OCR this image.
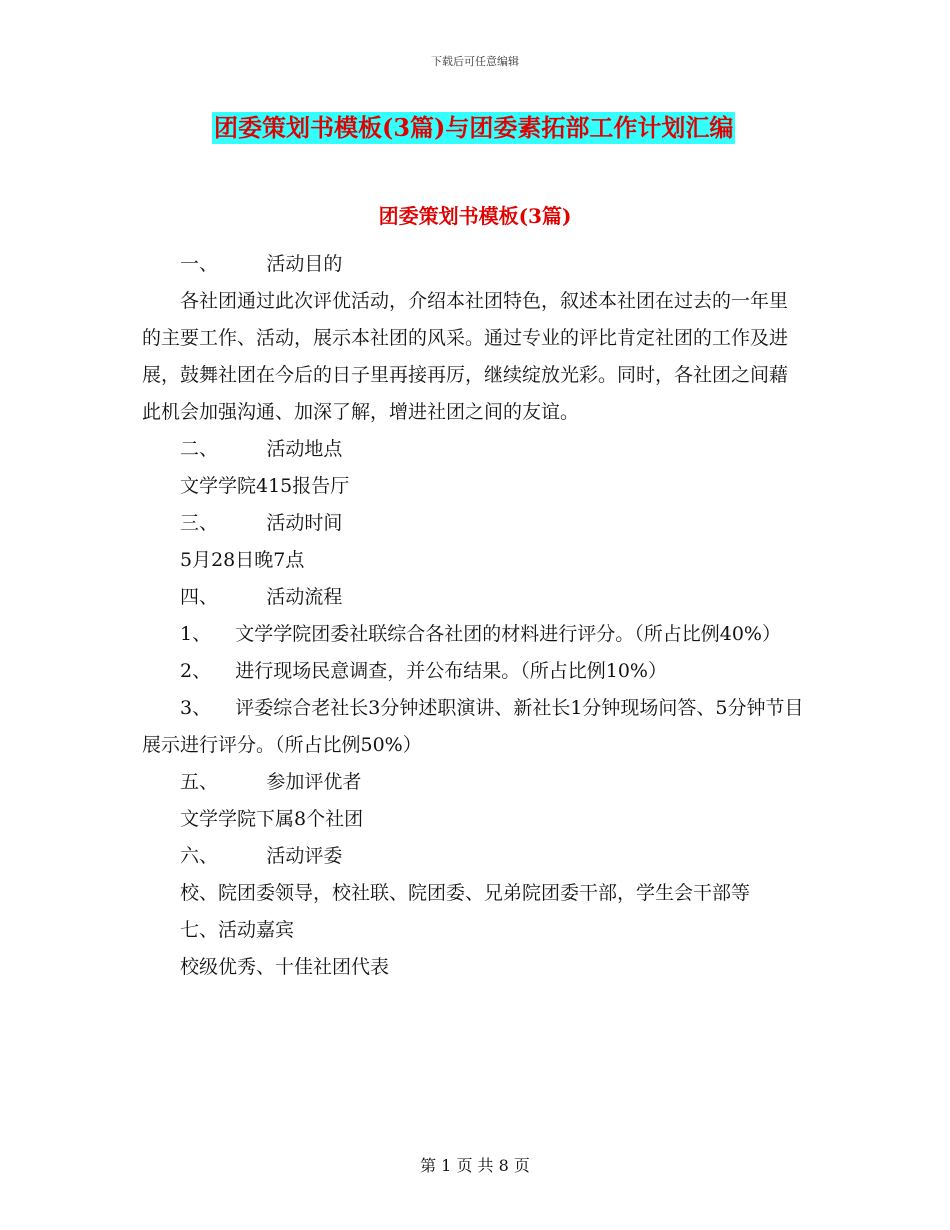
下载后可任意编辑
团委策划书模板(3篇)与团委素拓部工作计划汇编
团委策划书模板(3篇)

一、        活动目的

各社团通过此次评优活动，介绍本社团特色，叙述本社团在过去的一年里的主要工作、活动，展示本社团的风采。通过专业的评比肯定社团的工作及进展，鼓舞社团在今后的日子里再接再厉，继续绽放光彩。同时，各社团之间藉此机会加强沟通、加深了解，增进社团之间的友谊。

二、        活动地点

文学学院415报告厅

三、        活动时间

5月28日晚7点

四、        活动流程

1、    文学学院团委社联综合各社团的材料进行评分。（所占比例40%）

2、    进行现场民意调查，并公布结果。（所占比例10%）

3、    评委综合老社长3分钟述职演讲、新社长1分钟现场问答、5分钟节目展示进行评分。（所占比例50%）

五、        参加评优者

文学学院下属8个社团

六、        活动评委

校、院团委领导，校社联、院团委、兄弟院团委干部，学生会干部等

七、活动嘉宾

校级优秀、十佳社团代表

第 1 页 共 8 页
